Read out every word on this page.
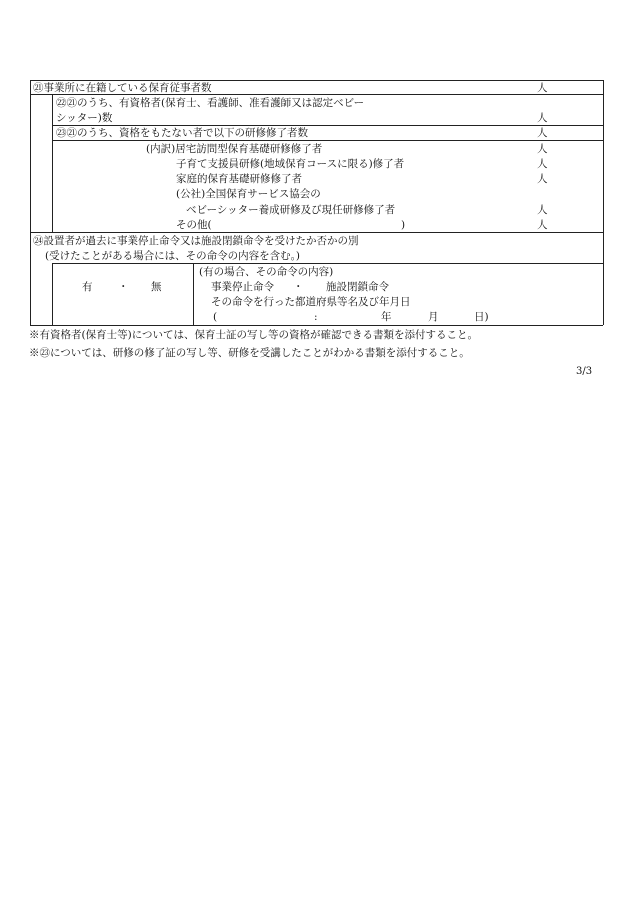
㉑事業所に在籍している保育従事者数	人
㉒㉑のうち、有資格者(保育士、看護師、准看護師又は認定ベビー
シッター)数	人
㉓㉑のうち、資格をもたない者で以下の研修修了者数	人
(内訳)居宅訪問型保育基礎研修修了者	人
子育て支援員研修(地域保育コースに限る)修了者	人
家庭的保育基礎研修修了者	人
(公社)全国保育サービス協会の
ベビーシッター養成研修及び現任研修修了者	人
その他(	)	人
㉔設置者が過去に事業停止命令又は施設閉鎖命令を受けたか否かの別
(受けたことがある場合には、その命令の内容を含む。)
有 ・ 無
(有の場合、その命令の内容)
事業停止命令 ・ 施設閉鎖命令
その命令を行った都道府県等名及び年月日
(	:	年	月	日)
※有資格者(保育士等)については、保育士証の写し等の資格が確認できる書類を添付すること。
※㉓については、研修の修了証の写し等、研修を受講したことがわかる書類を添付すること。
3/3
